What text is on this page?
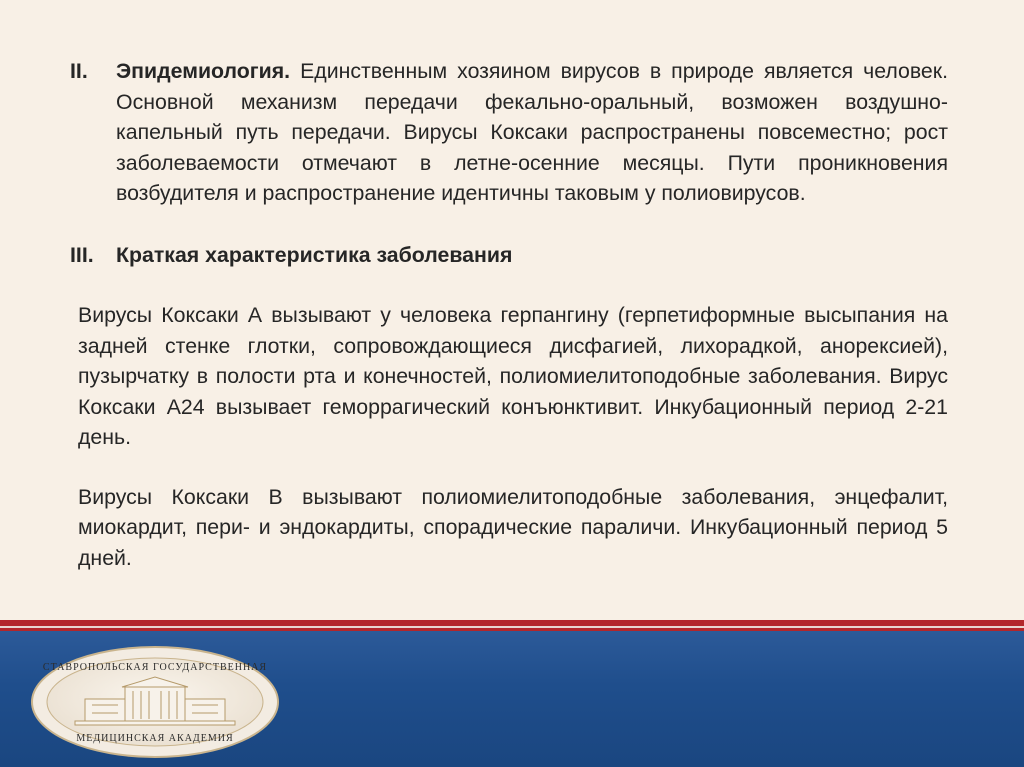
II.	Эпидемиология. Единственным хозяином вирусов в природе является человек. Основной механизм передачи фекально-оральный, возможен воздушно-капельный путь передачи. Вирусы Коксаки распространены повсеместно; рост заболеваемости отмечают в летне-осенние месяцы. Пути проникновения возбудителя и распространение идентичны таковым у полиовирусов.
III.	Краткая характеристика заболевания

Вирусы Коксаки А вызывают у человека герпангину (герпетиформные высыпания на задней стенке глотки, сопровождающиеся дисфагией, лихорадкой, анорексией), пузырчатку в полости рта и конечностей, полиомиелитоподобные заболевания. Вирус Коксаки А24 вызывает геморрагический конъюнктивит. Инкубационный период 2-21 день.

Вирусы Коксаки В вызывают полиомиелитоподобные заболевания, энцефалит, миокардит, пери- и эндокардиты, спорадические параличи. Инкубационный период 5 дней.

СТАВРОПОЛЬСКАЯ ГОСУДАРСТВЕННАЯ
МЕДИЦИНСКАЯ АКАДЕМИЯ
